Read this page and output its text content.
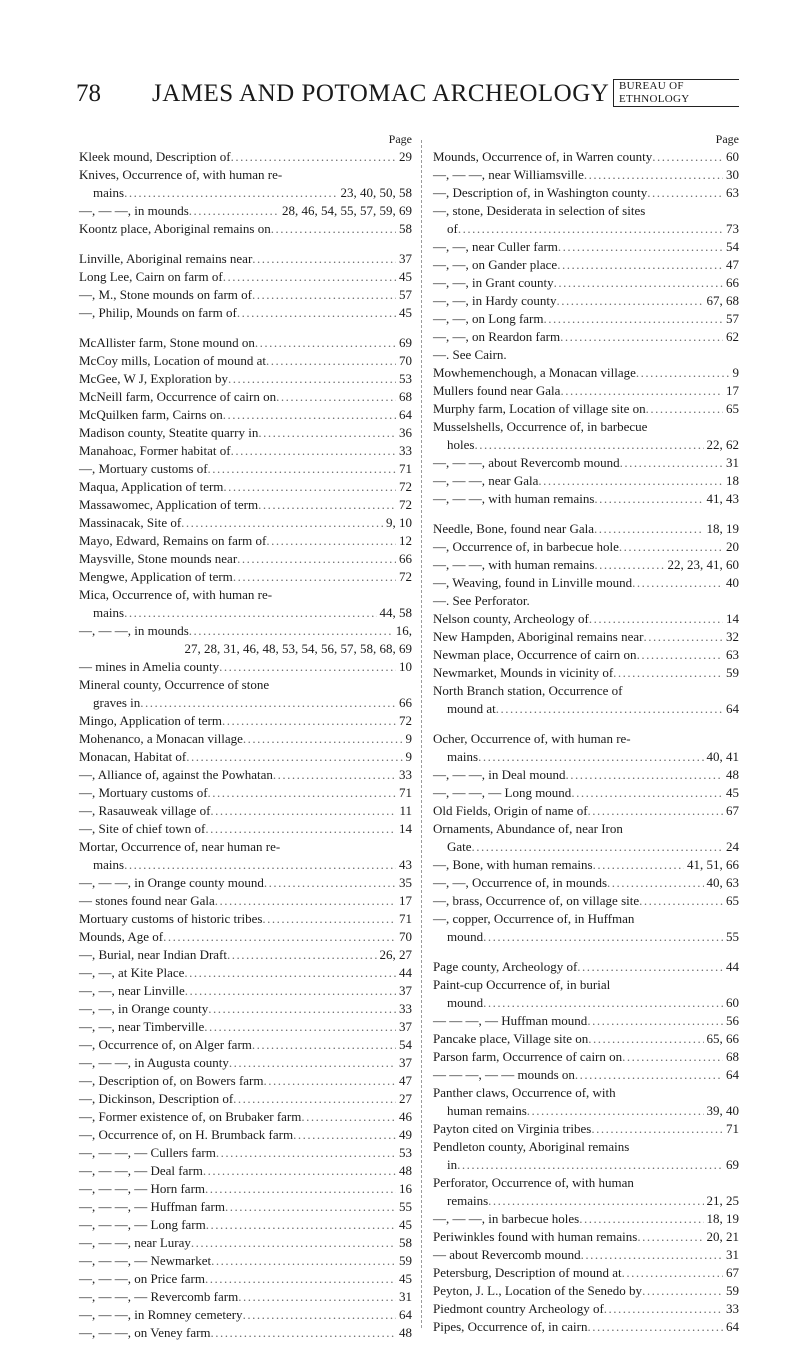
78 JAMES AND POTOMAC ARCHEOLOGY BUREAU OF
ETHNOLOGY
Page
Kleek mound, Description of .....	29
Knives, Occurrence of, with human re-
mains .....	23, 40, 50, 58
—, — —, in mounds .....	28, 46, 54, 55, 57, 59, 69
Koontz place, Aboriginal remains on .....	58
Linville, Aboriginal remains near .....	37
Long Lee, Cairn on farm of .....	45
—, M., Stone mounds on farm of .....	57
—, Philip, Mounds on farm of .....	45
McAllister farm, Stone mound on .....	69
McCoy mills, Location of mound at .....	70
McGee, W J, Exploration by .....	53
McNeill farm, Occurrence of cairn on .....	68
McQuilken farm, Cairns on .....	64
Madison county, Steatite quarry in .....	36
Manahoac, Former habitat of .....	33
—, Mortuary customs of .....	71
Maqua, Application of term .....	72
Massawomec, Application of term .....	72
Massinacak, Site of .....	9, 10
Mayo, Edward, Remains on farm of .....	12
Maysville, Stone mounds near .....	66
Mengwe, Application of term .....	72
Mica, Occurrence of, with human re-
mains .....	44, 58
—, — —, in mounds .....	16,
27, 28, 31, 46, 48, 53, 54, 56, 57, 58, 68, 69
— mines in Amelia county .....	10
Mineral county, Occurrence of stone
graves in .....	66
Mingo, Application of term .....	72
Mohenanco, a Monacan village .....	9
Monacan, Habitat of .....	9
—, Alliance of, against the Powhatan .....	33
—, Mortuary customs of .....	71
—, Rasauweak village of .....	11
—, Site of chief town of .....	14
Mortar, Occurrence of, near human re-
mains .....	43
—, — —, in Orange county mound .....	35
— stones found near Gala .....	17
Mortuary customs of historic tribes .....	71
Mounds, Age of .....	70
—, Burial, near Indian Draft .....	26, 27
—, —, at Kite Place .....	44
—, —, near Linville .....	37
—, —, in Orange county .....	33
—, —, near Timberville .....	37
—, Occurrence of, on Alger farm .....	54
—, — —, in Augusta county .....	37
—, Description of, on Bowers farm .....	47
—, Dickinson, Description of .....	27
—, Former existence of, on Brubaker farm .....	46
—, Occurrence of, on H. Brumback farm .....	49
—, — —, — Cullers farm .....	53
—, — —, — Deal farm .....	48
—, — —, — Horn farm .....	16
—, — —, — Huffman farm .....	55
—, — —, — Long farm .....	45
—, — —, near Luray .....	58
—, — —, — Newmarket .....	59
—, — —, on Price farm .....	45
—, — —, — Revercomb farm .....	31
—, — —, in Romney cemetery .....	64
—, — —, on Veney farm .....	48
Page
Mounds, Occurrence of, in Warren county .....	60
—, — —, near Williamsville .....	30
—, Description of, in Washington county .....	63
—, stone, Desiderata in selection of sites
of .....	73
—, —, near Culler farm .....	54
—, —, on Gander place .....	47
—, —, in Grant county .....	66
—, —, in Hardy county .....	67, 68
—, —, on Long farm .....	57
—, —, on Reardon farm .....	62
—. See Cairn.
Mowhemenchough, a Monacan village .....	9
Mullers found near Gala .....	17
Murphy farm, Location of village site on .....	65
Musselshells, Occurrence of, in barbecue
holes .....	22, 62
—, — —, about Revercomb mound .....	31
—, — —, near Gala .....	18
—, — —, with human remains .....	41, 43
Needle, Bone, found near Gala .....	18, 19
—, Occurrence of, in barbecue hole .....	20
—, — —, with human remains .....	22, 23, 41, 60
—, Weaving, found in Linville mound .....	40
—. See Perforator.
Nelson county, Archeology of .....	14
New Hampden, Aboriginal remains near .....	32
Newman place, Occurrence of cairn on .....	63
Newmarket, Mounds in vicinity of .....	59
North Branch station, Occurrence of
mound at .....	64
Ocher, Occurrence of, with human re-
mains .....	40, 41
—, — —, in Deal mound .....	48
—, — —, — Long mound .....	45
Old Fields, Origin of name of .....	67
Ornaments, Abundance of, near Iron
Gate .....	24
—, Bone, with human remains .....	41, 51, 66
—, —, Occurrence of, in mounds .....	40, 63
—, brass, Occurrence of, on village site .....	65
—, copper, Occurrence of, in Huffman
mound .....	55
Page county, Archeology of .....	44
Paint-cup Occurrence of, in burial
mound .....	60
— — —, — Huffman mound .....	56
Pancake place, Village site on .....	65, 66
Parson farm, Occurrence of cairn on .....	68
— — —, — — mounds on .....	64
Panther claws, Occurrence of, with
human remains .....	39, 40
Payton cited on Virginia tribes .....	71
Pendleton county, Aboriginal remains
in .....	69
Perforator, Occurrence of, with human
remains .....	21, 25
—, — —, in barbecue holes .....	18, 19
Periwinkles found with human remains .....	20, 21
— about Revercomb mound .....	31
Petersburg, Description of mound at .....	67
Peyton, J. L., Location of the Senedo by .....	59
Piedmont country Archeology of .....	33
Pipes, Occurrence of, in cairn .....	64
